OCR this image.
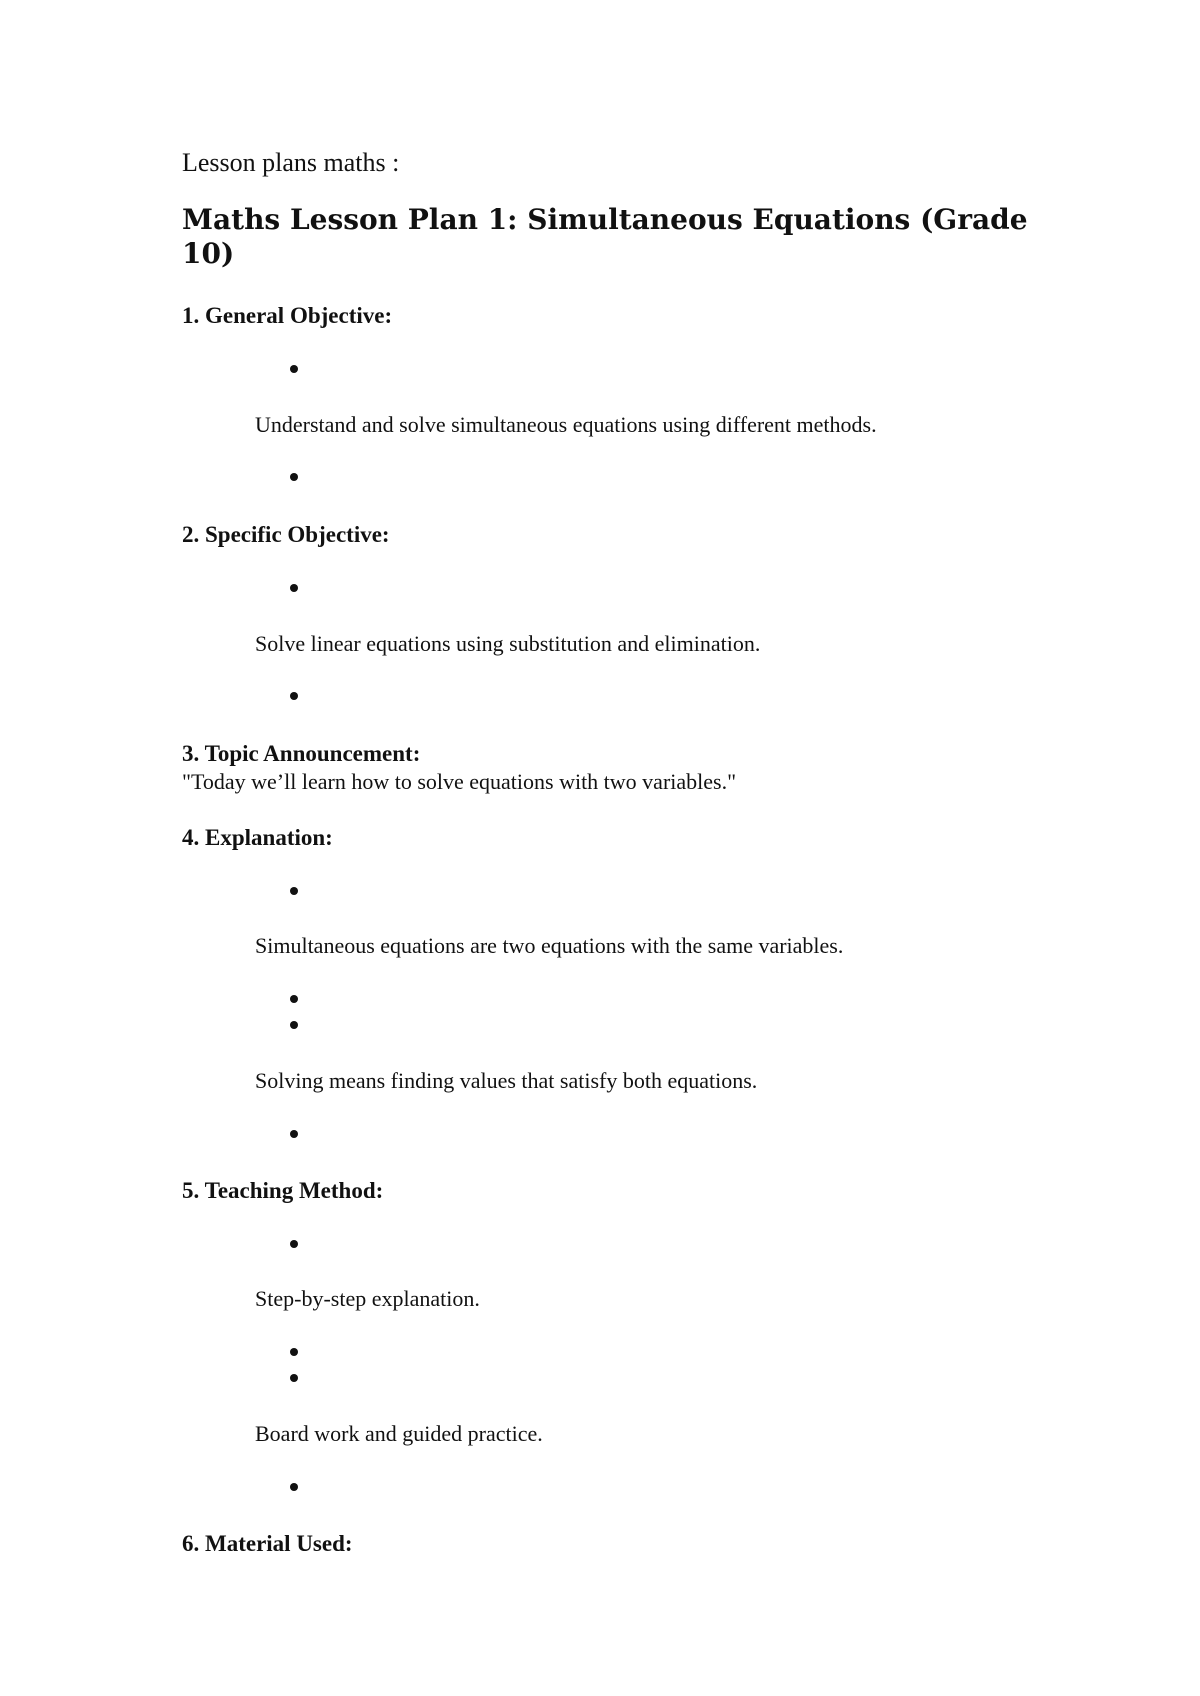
Lesson plans maths :
Maths Lesson Plan 1: Simultaneous Equations (Grade 10)
1. General Objective:
Understand and solve simultaneous equations using different methods.
2. Specific Objective:
Solve linear equations using substitution and elimination.
3. Topic Announcement:
"Today we’ll learn how to solve equations with two variables."
4. Explanation:
Simultaneous equations are two equations with the same variables.
Solving means finding values that satisfy both equations.
5. Teaching Method:
Step-by-step explanation.
Board work and guided practice.
6. Material Used:
